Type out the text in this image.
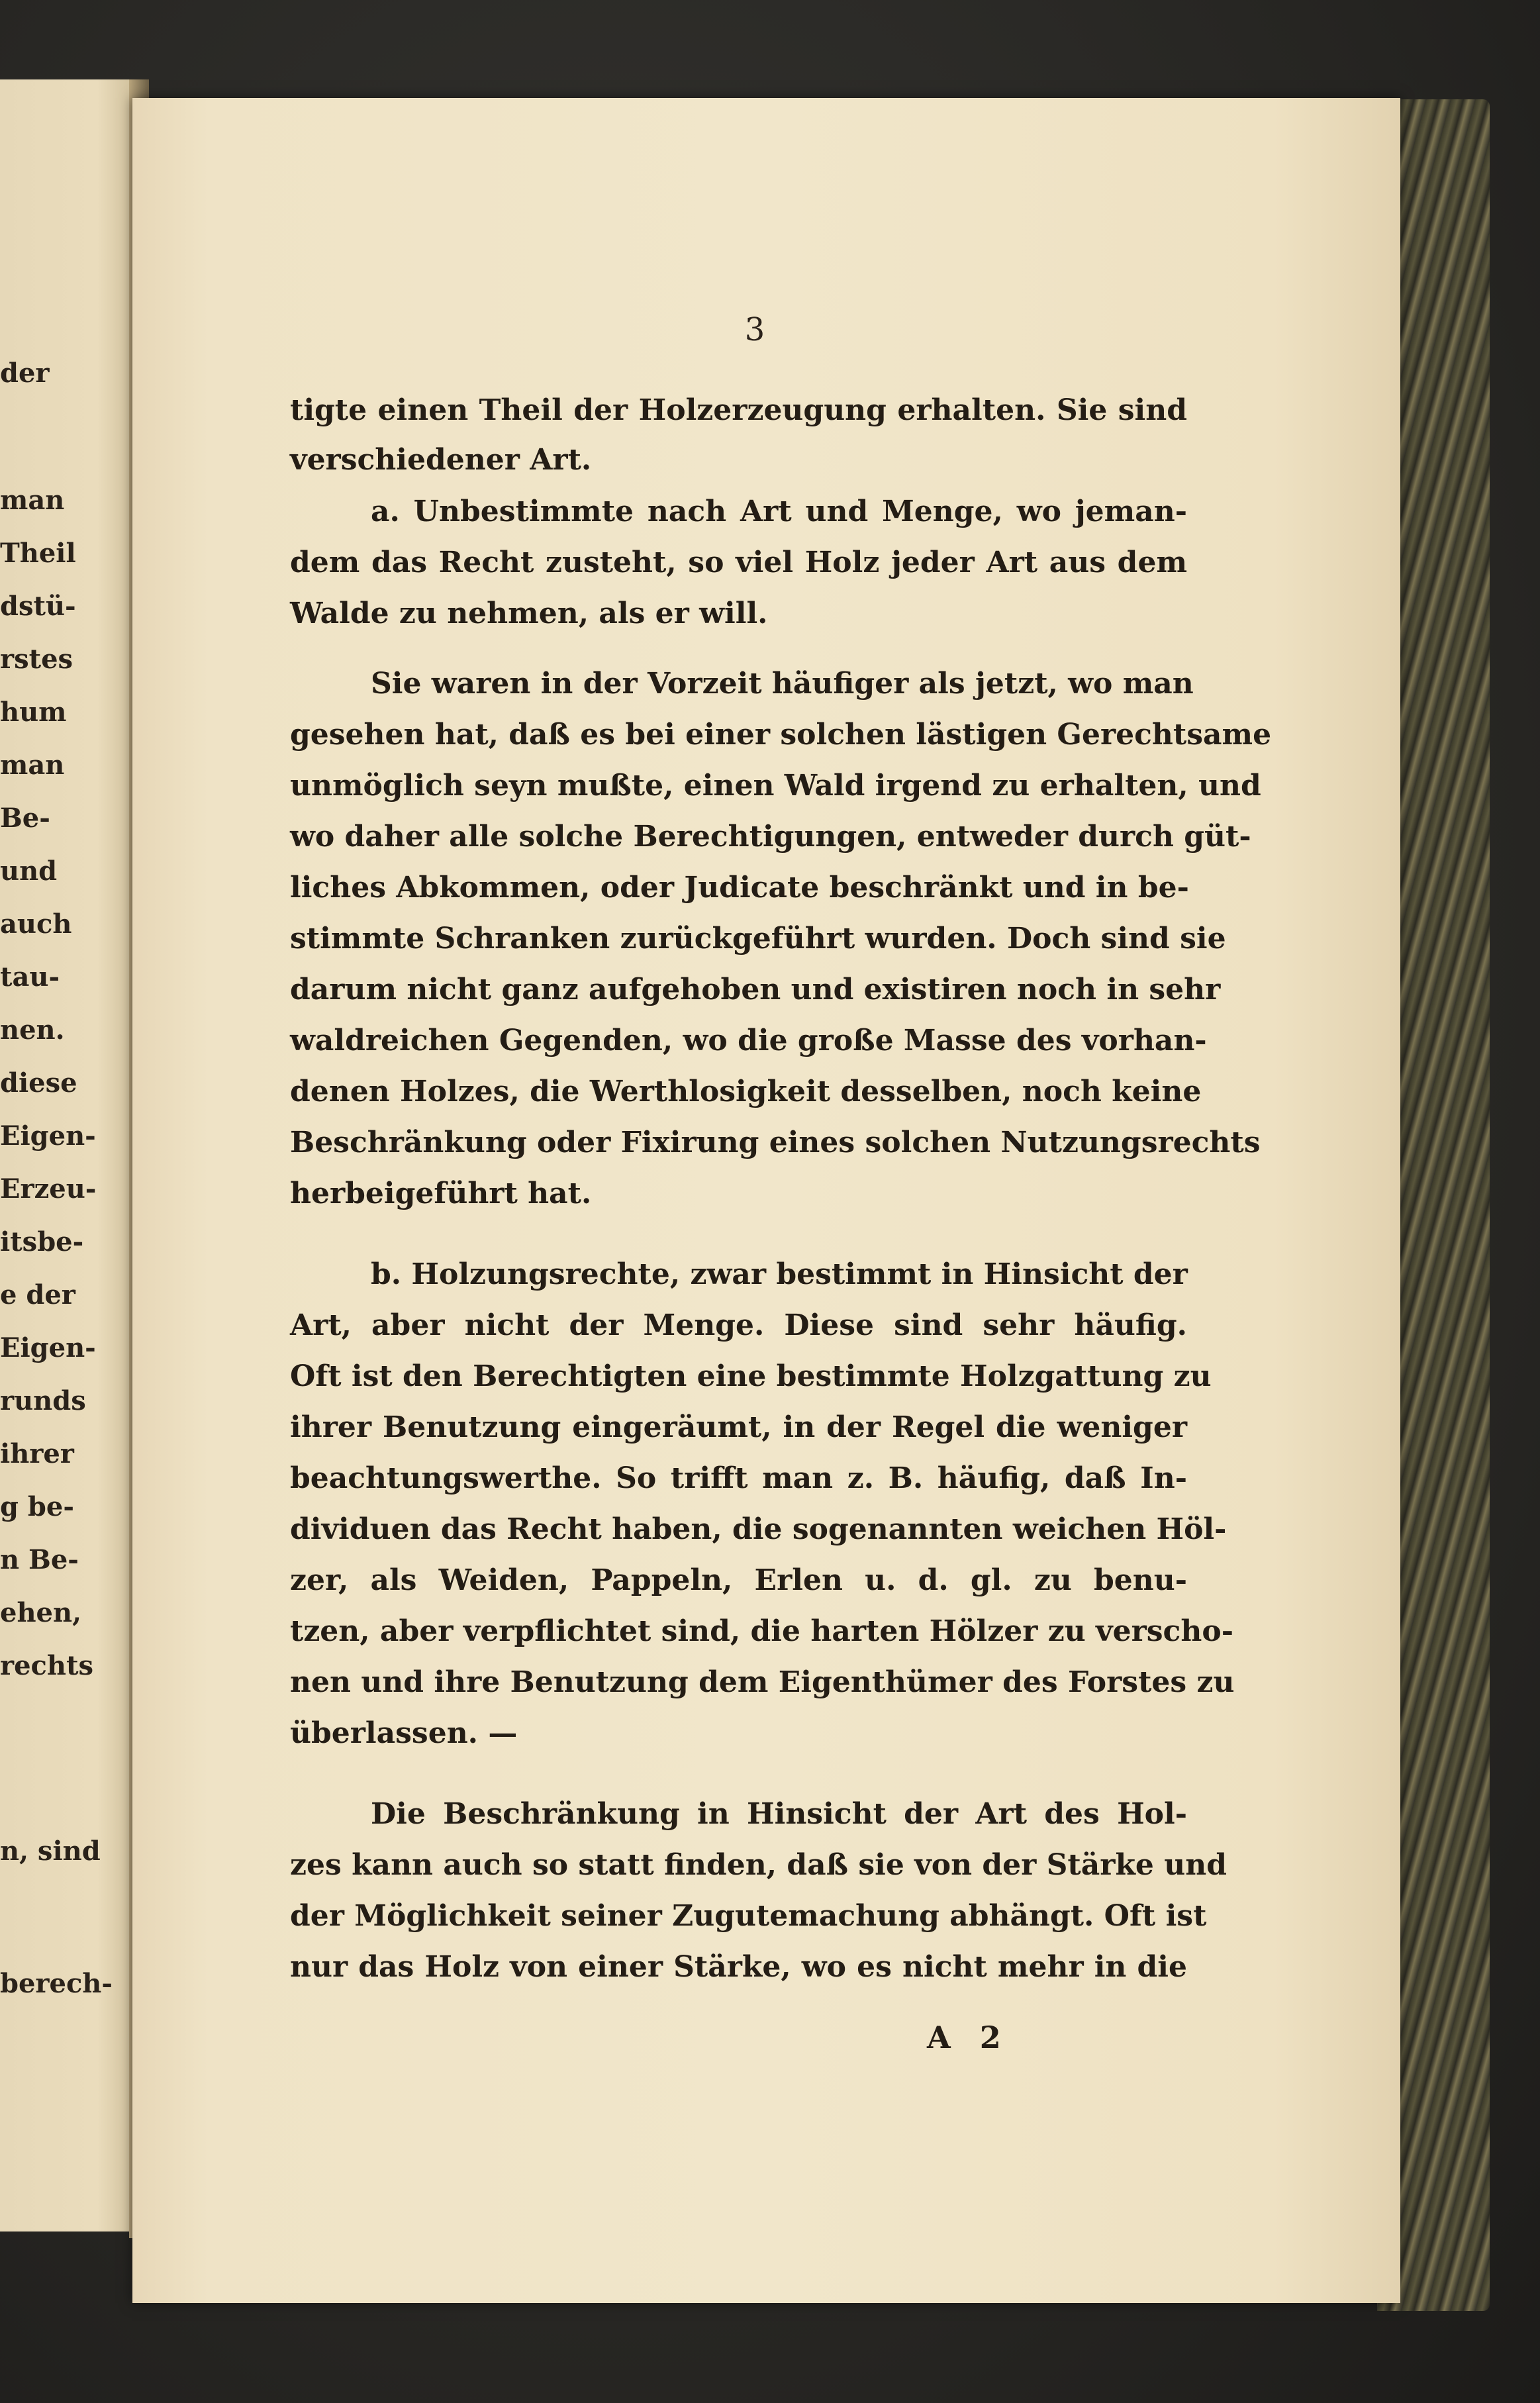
der
man
Theil
dstü-
rstes
hum
man
Be-
und
auch
tau-
nen.
diese
Eigen-
Erzeu-
itsbe-
e der
Eigen-
runds
ihrer
g be-
n Be-
ehen,
rechts
n, sind
berech-
3
tigte einen Theil der Holzerzeugung erhalten. Sie sind
verschiedener Art.
a. Unbestimmte nach Art und Menge, wo jeman-
dem das Recht zusteht, so viel Holz jeder Art aus dem
Walde zu nehmen, als er will.
Sie waren in der Vorzeit häufiger als jetzt, wo man
gesehen hat, daß es bei einer solchen lästigen Gerechtsame
unmöglich seyn mußte, einen Wald irgend zu erhalten, und
wo daher alle solche Berechtigungen, entweder durch güt-
liches Abkommen, oder Judicate beschränkt und in be-
stimmte Schranken zurückgeführt wurden. Doch sind sie
darum nicht ganz aufgehoben und existiren noch in sehr
waldreichen Gegenden, wo die große Masse des vorhan-
denen Holzes, die Werthlosigkeit desselben, noch keine
Beschränkung oder Fixirung eines solchen Nutzungsrechts
herbeigeführt hat.
b. Holzungsrechte, zwar bestimmt in Hinsicht der
Art, aber nicht der Menge. Diese sind sehr häufig.
Oft ist den Berechtigten eine bestimmte Holzgattung zu
ihrer Benutzung eingeräumt, in der Regel die weniger
beachtungswerthe. So trifft man z. B. häufig, daß In-
dividuen das Recht haben, die sogenannten weichen Höl-
zer, als Weiden, Pappeln, Erlen u. d. gl. zu benu-
tzen, aber verpflichtet sind, die harten Hölzer zu verscho-
nen und ihre Benutzung dem Eigenthümer des Forstes zu
überlassen. —
Die Beschränkung in Hinsicht der Art des Hol-
zes kann auch so statt finden, daß sie von der Stärke und
der Möglichkeit seiner Zugutemachung abhängt. Oft ist
nur das Holz von einer Stärke, wo es nicht mehr in die
A 2
